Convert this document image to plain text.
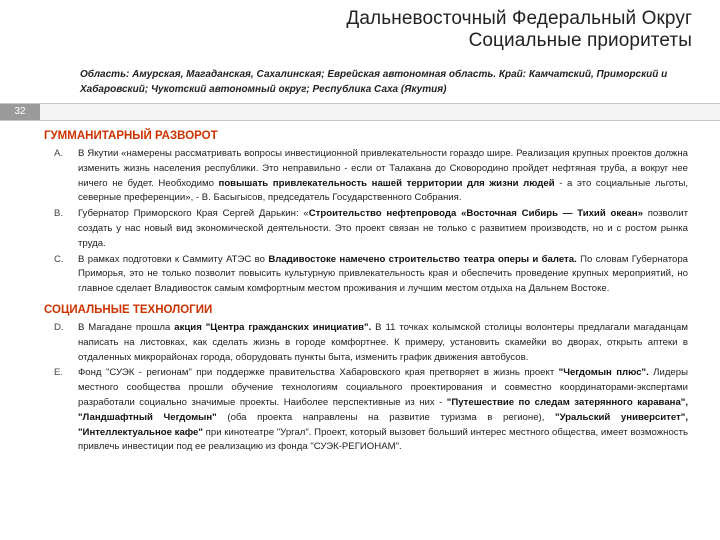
Дальневосточный Федеральный Округ
Социальные приоритеты
Область: Амурская, Магаданская, Сахалинская; Еврейская автономная область. Край: Камчатский, Приморский и Хабаровский; Чукотский автономный округ; Республика Саха (Якутия)
32
ГУММАНИТАРНЫЙ РАЗВОРОТ
A.	В Якутии «намерены рассматривать вопросы инвестиционной привлекательности гораздо шире. Реализация крупных проектов должна изменить жизнь населения республики. Это неправильно - если от Талакана до Сковородино пройдет нефтяная труба, а вокруг нее ничего не будет. Необходимо повышать привлекательность нашей территории для жизни людей - а это социальные льготы, северные преференции», - В. Басыгысов, председатель Государственного Собрания.
B.	Губернатор Приморского Края Сергей Дарькин: «Строительство нефтепровода «Восточная Сибирь — Тихий океан» позволит создать у нас новый вид экономической деятельности. Это проект связан не только с развитием производств, но и с ростом рынка труда.
C.	В рамках подготовки к Саммиту АТЭС во Владивостоке намечено строительство театра оперы и балета. По словам Губернатора Приморья, это не только позволит повысить культурную привлекательность края и обеспечить проведение крупных мероприятий, но главное сделает Владивосток самым комфортным местом проживания и лучшим местом отдыха на Дальнем Востоке.
СОЦИАЛЬНЫЕ ТЕХНОЛОГИИ
D.	В Магадане прошла акция "Центра гражданских инициатив". В 11 точках колымской столицы волонтеры предлагали магаданцам написать на листовках, как сделать жизнь в городе комфортнее. К примеру, установить скамейки во дворах, открыть аптеки в отдаленных микрорайонах города, оборудовать пункты быта, изменить график движения автобусов.
E.	Фонд "СУЭК - регионам" при поддержке правительства Хабаровского края претворяет в жизнь проект "Чегдомын плюс". Лидеры местного сообщества прошли обучение технологиям социального проектирования и совместно координаторами-экспертами разработали социально значимые проекты. Наиболее перспективные из них - "Путешествие по следам затерянного каравана", "Ландшафтный Чегдомын" (оба проекта направлены на развитие туризма в регионе), "Уральский университет", "Интеллектуальное кафе" при кинотеатре "Ургал". Проект, который вызовет больший интерес местного общества, имеет возможность привлечь инвестиции под ее реализацию из фонда "СУЭК-РЕГИОНАМ".
